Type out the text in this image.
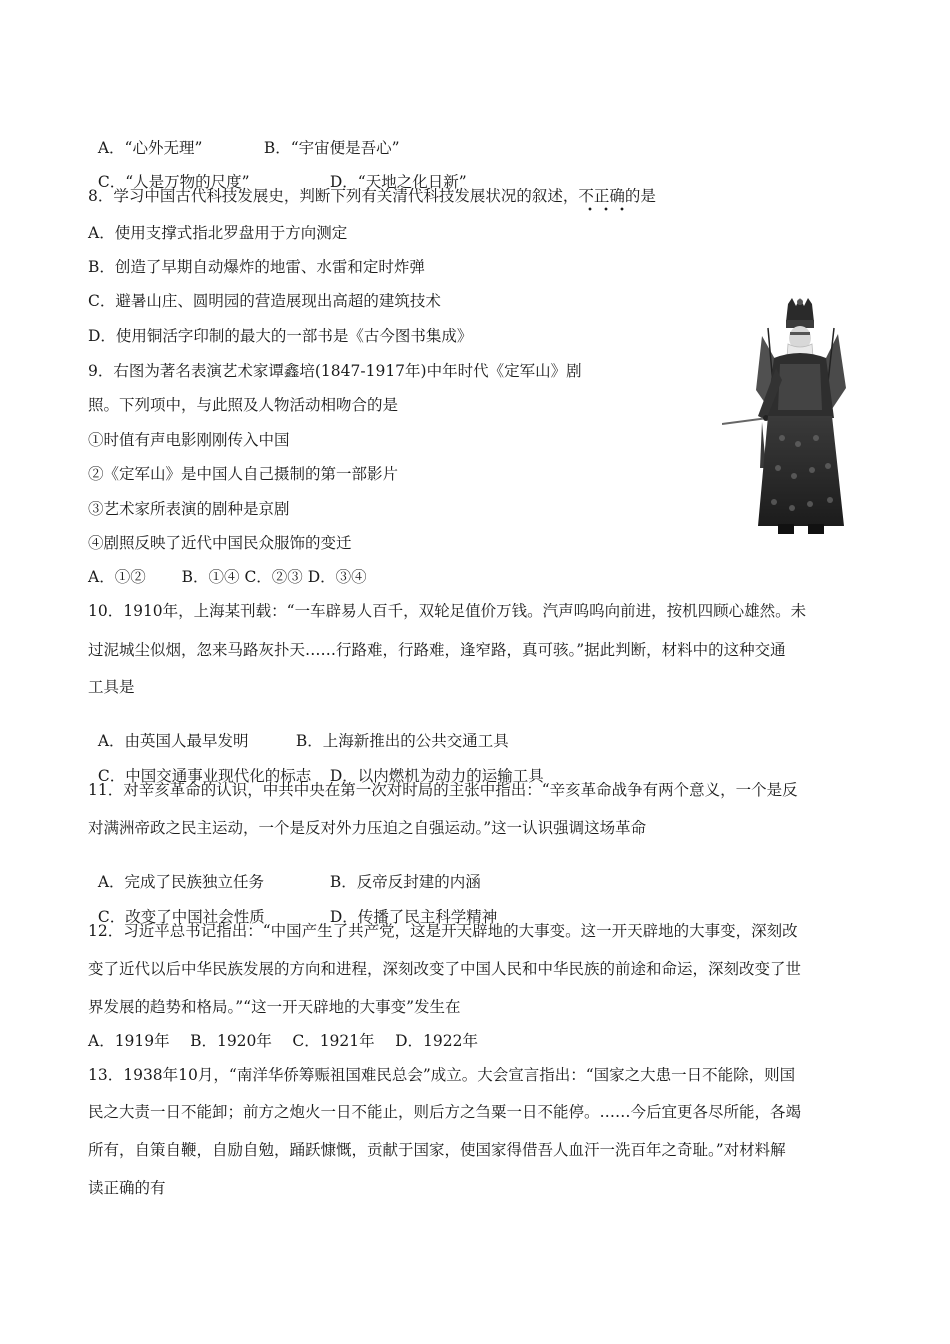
A．“心外无理”	B．“宇宙便是吾心”

C．“人是万物的尺度”	D．“天地之化日新”

8．学习中国古代科技发展史，判断下列有关清代科技发展状况的叙述，不正确的是
A．使用支撑式指北罗盘用于方向测定
B．创造了早期自动爆炸的地雷、水雷和定时炸弹
C．避暑山庄、圆明园的营造展现出高超的建筑技术
D．使用铜活字印制的最大的一部书是《古今图书集成》
9．右图为著名表演艺术家谭鑫培(1847-1917年)中年时代《定军山》剧
照。下列项中，与此照及人物活动相吻合的是
①时值有声电影刚刚传入中国
②《定军山》是中国人自己摄制的第一部影片
③艺术家所表演的剧种是京剧
④剧照反映了近代中国民众服饰的变迁
A．①②　　 B．①④ C．②③ D．③④
10．1910年，上海某刊载：“一车辟易人百千，双轮足值价万钱。汽声呜呜向前进，按机四顾心雄然。未
过泥城尘似烟，忽来马路灰扑天……行路难，行路难，逢窄路，真可骇。”据此判断，材料中的这种交通
工具是

A．由英国人最早发明	B．上海新推出的公共交通工具

C．中国交通事业现代化的标志 D．以内燃机为动力的运输工具

11．对辛亥革命的认识，中共中央在第一次对时局的主张中指出：“辛亥革命战争有两个意义，一个是反
对满洲帝政之民主运动，一个是反对外力压迫之自强运动。”这一认识强调这场革命

A．完成了民族独立任务	B．反帝反封建的内涵

C．改变了中国社会性质	D．传播了民主科学精神

12．习近平总书记指出：“中国产生了共产党，这是开天辟地的大事变。这一开天辟地的大事变，深刻改
变了近代以后中华民族发展的方向和进程，深刻改变了中国人民和中华民族的前途和命运，深刻改变了世
界发展的趋势和格局。”“这一开天辟地的大事变”发生在
A．1919年　 B．1920年　 C．1921年　 D．1922年
13．1938年10月，“南洋华侨筹赈祖国难民总会”成立。大会宣言指出：“国家之大患一日不能除，则国
民之大责一日不能卸；前方之炮火一日不能止，则后方之刍粟一日不能停。……今后宜更各尽所能，各竭
所有，自策自鞭，自励自勉，踊跃慷慨，贡献于国家，使国家得借吾人血汗一洗百年之奇耻。”对材料解
读正确的有
